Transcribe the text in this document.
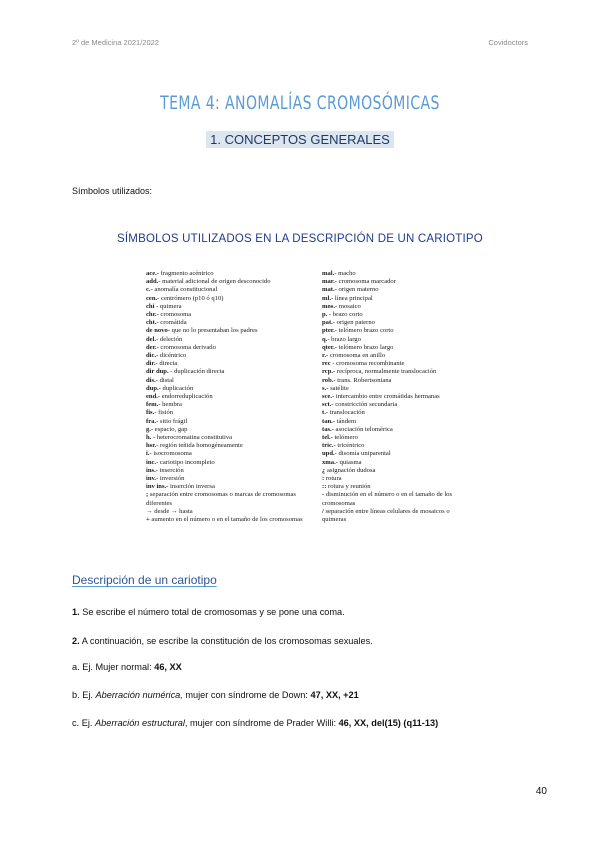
2º de Medicina 2021/2022	Covidoctors
TEMA 4: ANOMALÍAS CROMOSÓMICAS
1. CONCEPTOS GENERALES
Símbolos utilizados:
SÍMBOLOS UTILIZADOS EN LA DESCRIPCIÓN DE UN CARIOTIPO
ace.- fragmento acéntrico
add.- material adicional de origen desconocido
c.- anomalía constitucional
cen.- centrómero (p10 ó q10)
chi - quimera
chr.- cromosoma
cht.- cromátida
de novo- que no lo presentaban los padres
del.- deleción
der.- cromosoma derivado
dic.- dicéntrico
dir.- directa
dir dup. - duplicación directa
dis.- distal
dup.- duplicación
end.- endorreduplicación
fem.- hembra
fis.- fisión
fra.- sitio frágil
g.- espacio, gap
h. - heterocromatina constitutiva
hsr.- región teñida homogéneamente
i.- isocromosoma
inc.- cariotipo incompleto
ins.- inserción
inv.- inversión
inv ins.- inserción inversa
; separación entre cromosomas o marcas de cromosomas diferentes
→ desde → hasta
+ aumento en el número o en el tamaño de los cromosomas
mal.- macho
mar.- cromosoma marcador
mat.- origen materno
ml.- línea principal
mos.- mosaico
p. - brazo corto
pat.- origen paterno
pter.- telómero brazo corto
q.- brazo largo
qter.- telómero brazo largo
r.- cromosoma en anillo
rec - cromosoma recombinante
rcp.- recíproca, normalmente translocación
rob.- trans. Robertsoniana
s.- satélite
sce.- intercambio entre cromátidas hermanas
sct.- constricción secundaria
t.- translocación
tan.- tándem
tas.- asociación telomérica
tel.- telómero
tric.- tricéntrico
upd.- disomía uniparental
xma.- quiasma
¿ asignación dudosa
: rotura
:: rotura y reunión
- disminución en el número o en el tamaño de los cromosomas
/ separación entre líneas celulares de mosaicos o quimeras
Descripción de un cariotipo
1. Se escribe el número total de cromosomas y se pone una coma.
2. A continuación, se escribe la constitución de los cromosomas sexuales.
a. Ej. Mujer normal: 46, XX
b. Ej. Aberración numérica, mujer con síndrome de Down: 47, XX, +21
c. Ej. Aberración estructural, mujer con síndrome de Prader Willi: 46, XX, del(15) (q11-13)
40
